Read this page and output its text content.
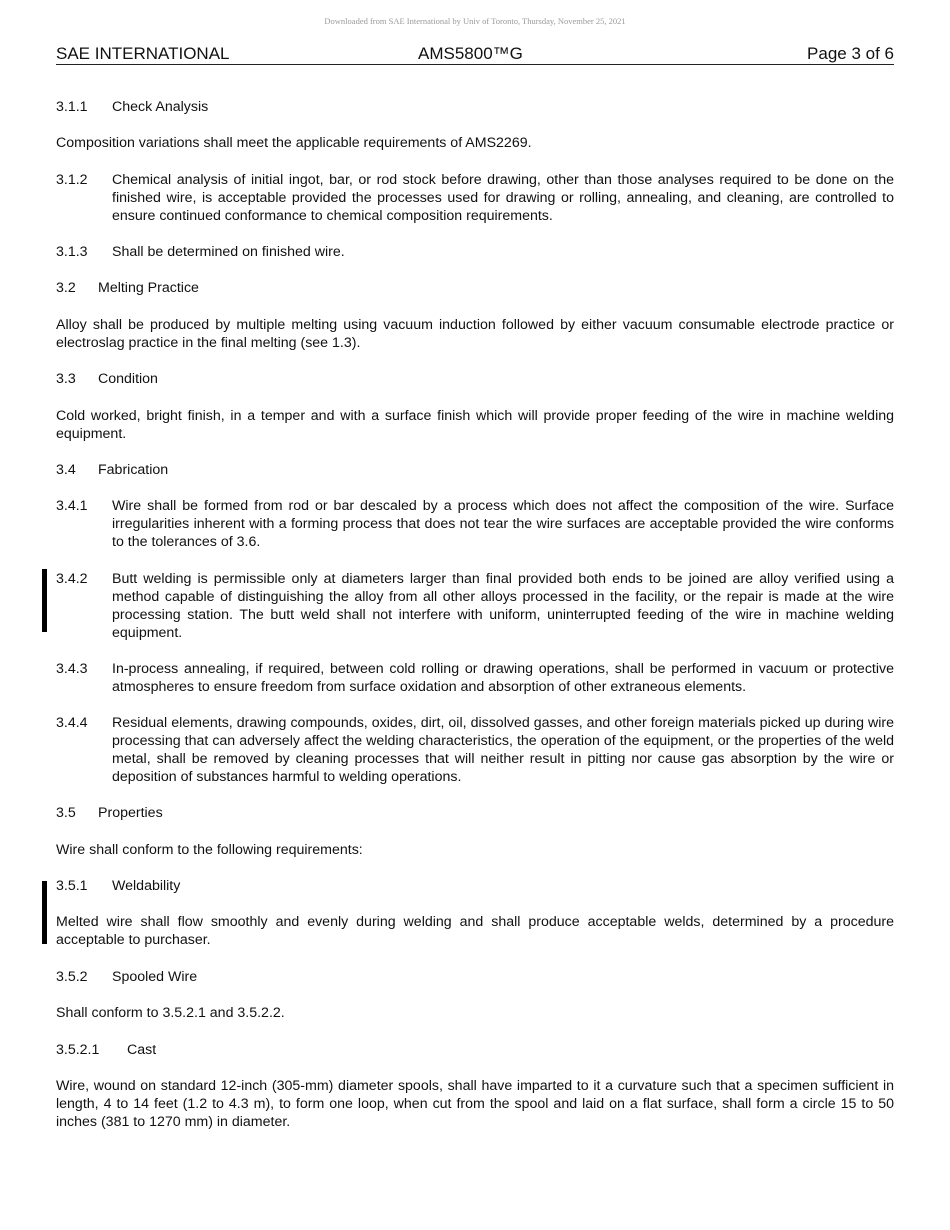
Downloaded from SAE International by Univ of Toronto, Thursday, November 25, 2021
SAE INTERNATIONAL	AMS5800™G	Page 3 of 6
3.1.1 Check Analysis

Composition variations shall meet the applicable requirements of AMS2269.

3.1.2 Chemical analysis of initial ingot, bar, or rod stock before drawing, other than those analyses required to be done on the finished wire, is acceptable provided the processes used for drawing or rolling, annealing, and cleaning, are controlled to ensure continued conformance to chemical composition requirements.
3.1.3 Shall be determined on finished wire.
3.2 Melting Practice

Alloy shall be produced by multiple melting using vacuum induction followed by either vacuum consumable electrode practice or electroslag practice in the final melting (see 1.3).

3.3 Condition

Cold worked, bright finish, in a temper and with a surface finish which will provide proper feeding of the wire in machine welding equipment.

3.4 Fabrication
3.4.1 Wire shall be formed from rod or bar descaled by a process which does not affect the composition of the wire. Surface irregularities inherent with a forming process that does not tear the wire surfaces are acceptable provided the wire conforms to the tolerances of 3.6.
3.4.2 Butt welding is permissible only at diameters larger than final provided both ends to be joined are alloy verified using a method capable of distinguishing the alloy from all other alloys processed in the facility, or the repair is made at the wire processing station. The butt weld shall not interfere with uniform, uninterrupted feeding of the wire in machine welding equipment.
3.4.3 In-process annealing, if required, between cold rolling or drawing operations, shall be performed in vacuum or protective atmospheres to ensure freedom from surface oxidation and absorption of other extraneous elements.
3.4.4 Residual elements, drawing compounds, oxides, dirt, oil, dissolved gasses, and other foreign materials picked up during wire processing that can adversely affect the welding characteristics, the operation of the equipment, or the properties of the weld metal, shall be removed by cleaning processes that will neither result in pitting nor cause gas absorption by the wire or deposition of substances harmful to welding operations.
3.5 Properties

Wire shall conform to the following requirements:

3.5.1 Weldability

Melted wire shall flow smoothly and evenly during welding and shall produce acceptable welds, determined by a procedure acceptable to purchaser.

3.5.2 Spooled Wire

Shall conform to 3.5.2.1 and 3.5.2.2.

3.5.2.1 Cast

Wire, wound on standard 12-inch (305-mm) diameter spools, shall have imparted to it a curvature such that a specimen sufficient in length, 4 to 14 feet (1.2 to 4.3 m), to form one loop, when cut from the spool and laid on a flat surface, shall form a circle 15 to 50 inches (381 to 1270 mm) in diameter.
